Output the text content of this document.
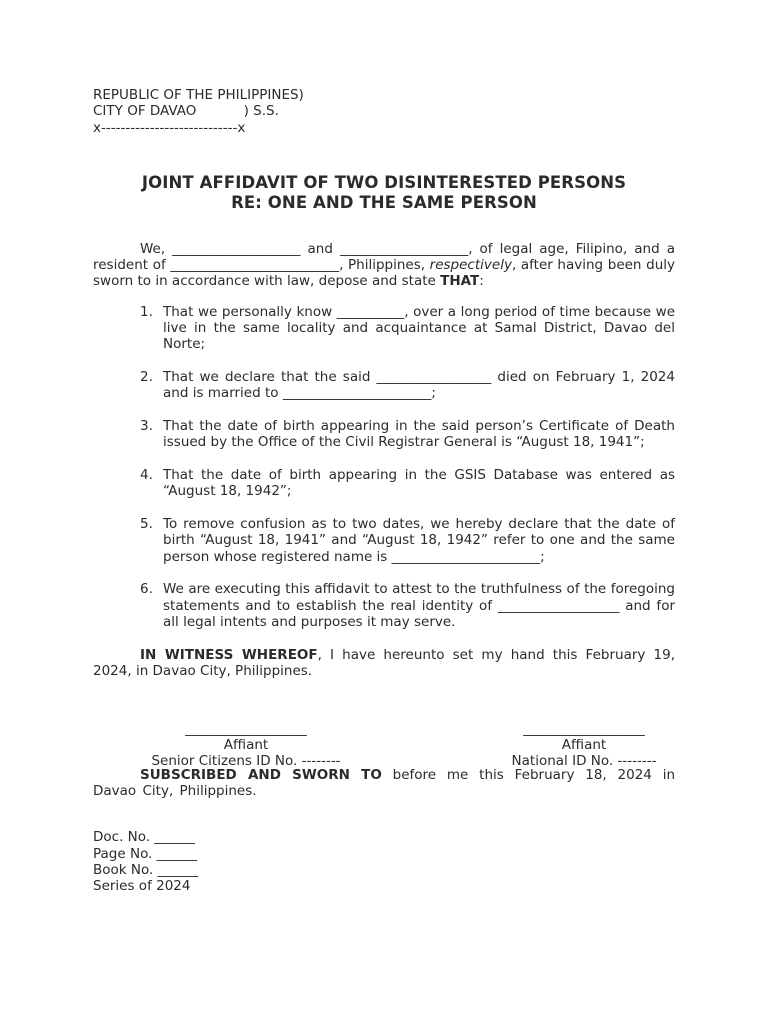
REPUBLIC OF THE PHILIPPINES)
CITY OF DAVAO           ) S.S.
x----------------------------x
JOINT AFFIDAVIT OF TWO DISINTERESTED PERSONS
RE: ONE AND THE SAME PERSON

We, ___________________ and ___________________, of legal age, Filipino, and a resident of _________________________, Philippines, respectively, after having been duly sworn to in accordance with law, depose and state THAT:

1. That we personally know __________, over a long period of time because we live in the same locality and acquaintance at Samal District, Davao del Norte;
2. That we declare that the said _________________ died on February 1, 2024 and is married to ______________________;
3. That the date of birth appearing in the said person’s Certificate of Death issued by the Office of the Civil Registrar General is “August 18, 1941”;
4. That the date of birth appearing in the GSIS Database was entered as “August 18, 1942”;
5. To remove confusion as to two dates, we hereby declare that the date of birth “August 18, 1941” and “August 18, 1942” refer to one and the same person whose registered name is ______________________;
6. We are executing this affidavit to attest to the truthfulness of the foregoing statements and to establish the real identity of __________________ and for all legal intents and purposes it may serve.

IN WITNESS WHEREOF, I have hereunto set my hand this February 19, 2024, in Davao City, Philippines.

__________________
Affiant
Senior Citizens ID No. --------
__________________
Affiant
National ID No. --------

SUBSCRIBED AND SWORN TO before me this February 18, 2024 in Davao City, Philippines.

Doc. No. ______
Page No. ______
Book No. ______
Series of 2024
